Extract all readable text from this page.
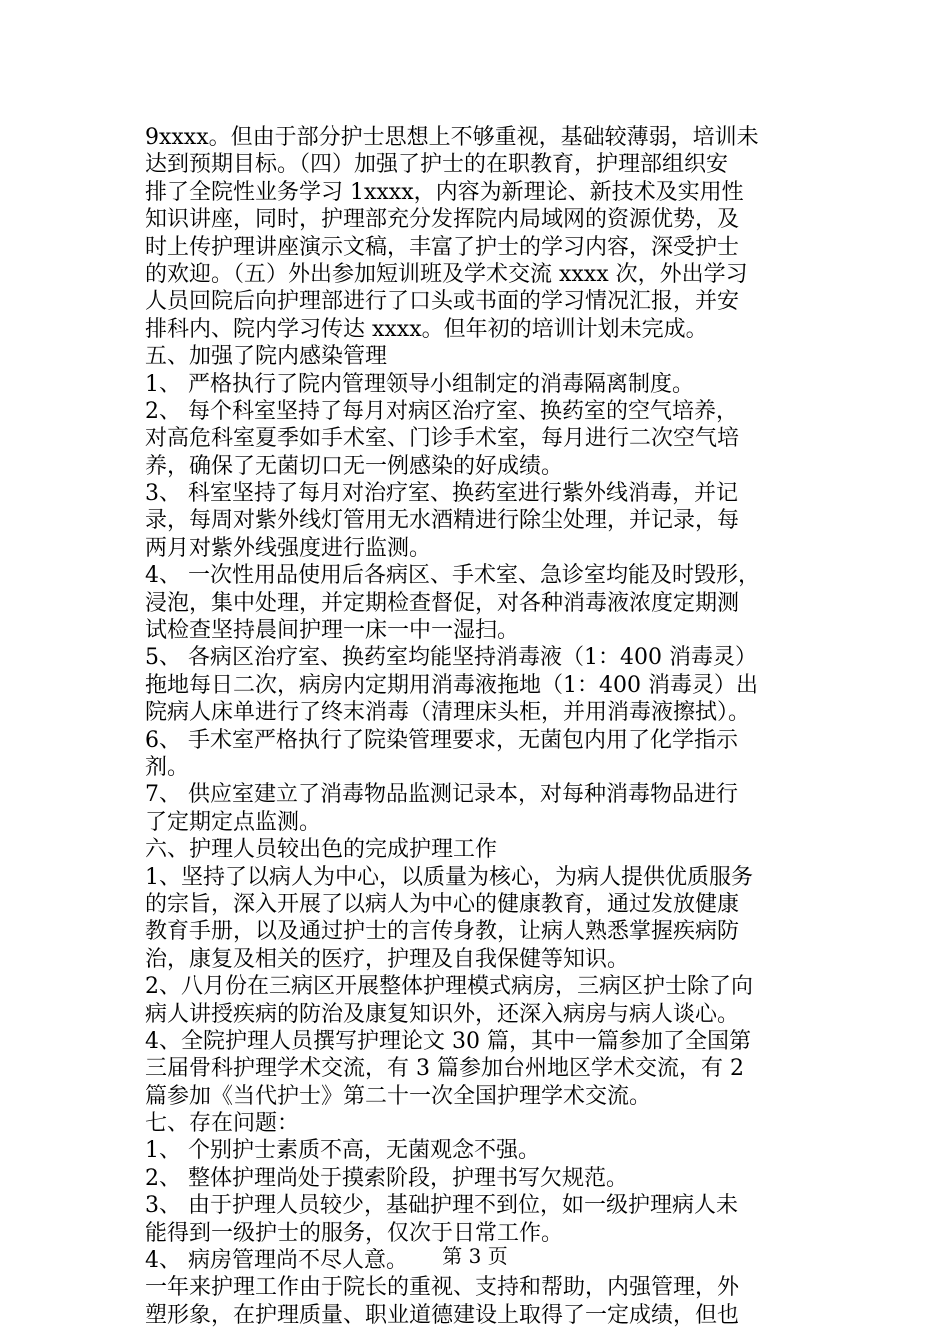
9xxxx。但由于部分护士思想上不够重视，基础较薄弱，培训未
达到预期目标。（四）加强了护士的在职教育，护理部组织安
排了全院性业务学习 1xxxx，内容为新理论、新技术及实用性
知识讲座，同时，护理部充分发挥院内局域网的资源优势，及
时上传护理讲座演示文稿，丰富了护士的学习内容，深受护士
的欢迎。（五）外出参加短训班及学术交流 xxxx 次，外出学习
人员回院后向护理部进行了口头或书面的学习情况汇报，并安
排科内、院内学习传达 xxxx。但年初的培训计划未完成。
五、加强了院内感染管理
1、 严格执行了院内管理领导小组制定的消毒隔离制度。
2、 每个科室坚持了每月对病区治疗室、换药室的空气培养，
对高危科室夏季如手术室、门诊手术室，每月进行二次空气培
养，确保了无菌切口无一例感染的好成绩。
3、 科室坚持了每月对治疗室、换药室进行紫外线消毒，并记
录，每周对紫外线灯管用无水酒精进行除尘处理，并记录，每
两月对紫外线强度进行监测。
4、 一次性用品使用后各病区、手术室、急诊室均能及时毁形，
浸泡，集中处理，并定期检查督促，对各种消毒液浓度定期测
试检查坚持晨间护理一床一中一湿扫。
5、 各病区治疗室、换药室均能坚持消毒液（1：400 消毒灵）
拖地每日二次，病房内定期用消毒液拖地（1：400 消毒灵）出
院病人床单进行了终末消毒（清理床头柜，并用消毒液擦拭）。
6、 手术室严格执行了院染管理要求，无菌包内用了化学指示
剂。
7、 供应室建立了消毒物品监测记录本，对每种消毒物品进行
了定期定点监测。
六、护理人员较出色的完成护理工作
1、坚持了以病人为中心，以质量为核心，为病人提供优质服务
的宗旨，深入开展了以病人为中心的健康教育，通过发放健康
教育手册，以及通过护士的言传身教，让病人熟悉掌握疾病防
治，康复及相关的医疗，护理及自我保健等知识。
2、八月份在三病区开展整体护理模式病房，三病区护士除了向
病人讲授疾病的防治及康复知识外，还深入病房与病人谈心。
4、全院护理人员撰写护理论文 30 篇，其中一篇参加了全国第
三届骨科护理学术交流，有 3 篇参加台州地区学术交流，有 2
篇参加《当代护士》第二十一次全国护理学术交流。
七、存在问题：
1、 个别护士素质不高，无菌观念不强。
2、 整体护理尚处于摸索阶段，护理书写欠规范。
3、 由于护理人员较少，基础护理不到位，如一级护理病人未
能得到一级护士的服务，仅次于日常工作。
4、 病房管理尚不尽人意。
一年来护理工作由于院长的重视、支持和帮助，内强管理，外
塑形象，在护理质量、职业道德建设上取得了一定成绩，但也
第 3 页
